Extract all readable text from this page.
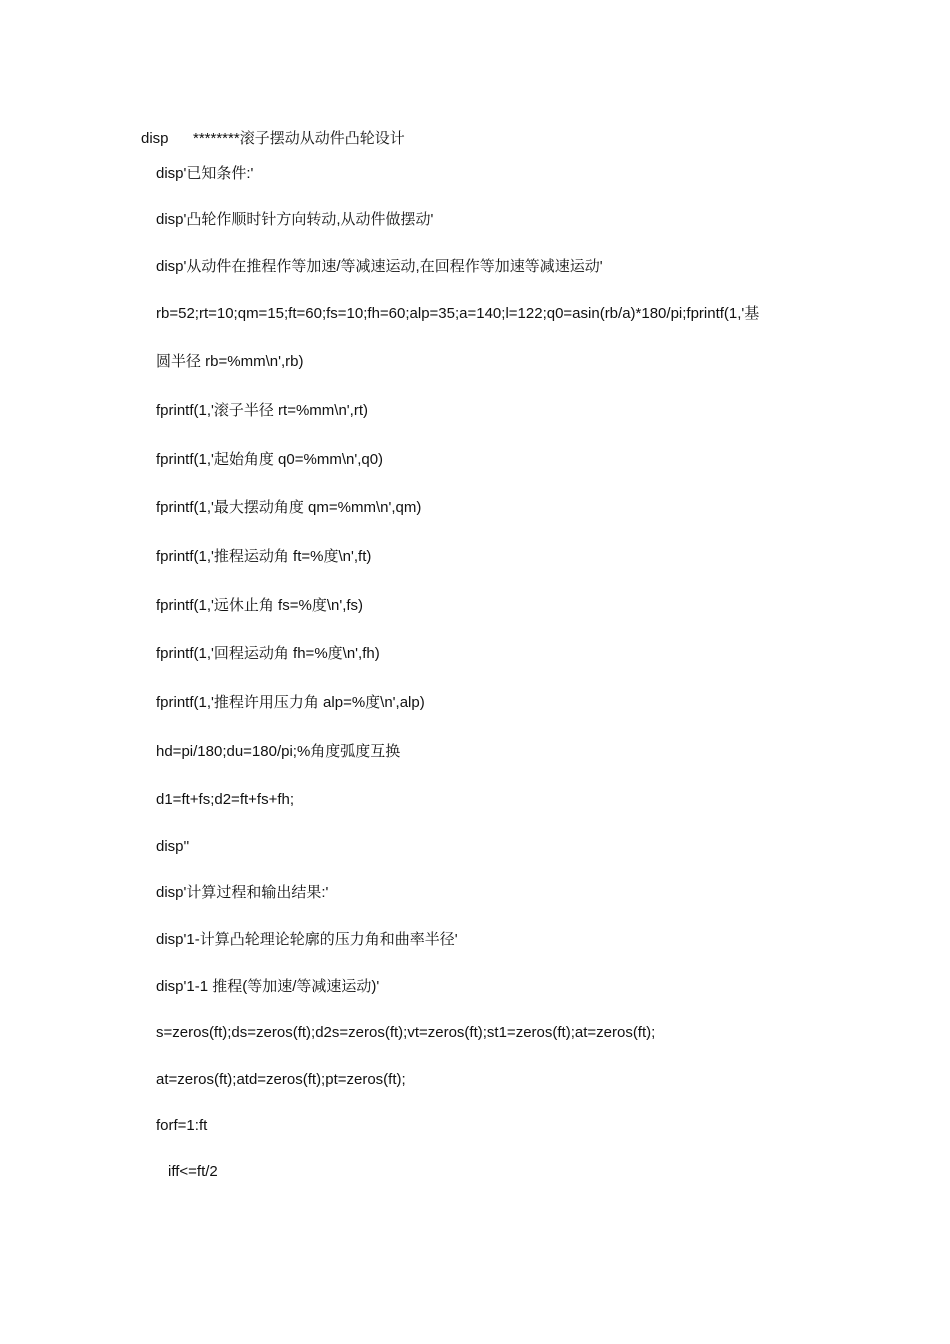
disp ********滚子摆动从动件凸轮设计
disp'已知条件:'
disp'凸轮作顺时针方向转动,从动件做摆动'
disp'从动件在推程作等加速/等减速运动,在回程作等加速等减速运动'
rb=52;rt=10;qm=15;ft=60;fs=10;fh=60;alp=35;a=140;l=122;q0=asin(rb/a)*180/pi;fprintf(1,'基
圆半径 rb=%mm\n',rb)
fprintf(1,'滚子半径 rt=%mm\n',rt)
fprintf(1,'起始角度 q0=%mm\n',q0)
fprintf(1,'最大摆动角度 qm=%mm\n',qm)
fprintf(1,'推程运动角 ft=%度\n',ft)
fprintf(1,'远休止角 fs=%度\n',fs)
fprintf(1,'回程运动角 fh=%度\n',fh)
fprintf(1,'推程许用压力角 alp=%度\n',alp)
hd=pi/180;du=180/pi;%角度弧度互换
d1=ft+fs;d2=ft+fs+fh;
disp''
disp'计算过程和输出结果:'
disp'1-计算凸轮理论轮廓的压力角和曲率半径'
disp'1-1 推程(等加速/等减速运动)'
s=zeros(ft);ds=zeros(ft);d2s=zeros(ft);vt=zeros(ft);st1=zeros(ft);at=zeros(ft);
at=zeros(ft);atd=zeros(ft);pt=zeros(ft);
forf=1:ft
iff<=ft/2
